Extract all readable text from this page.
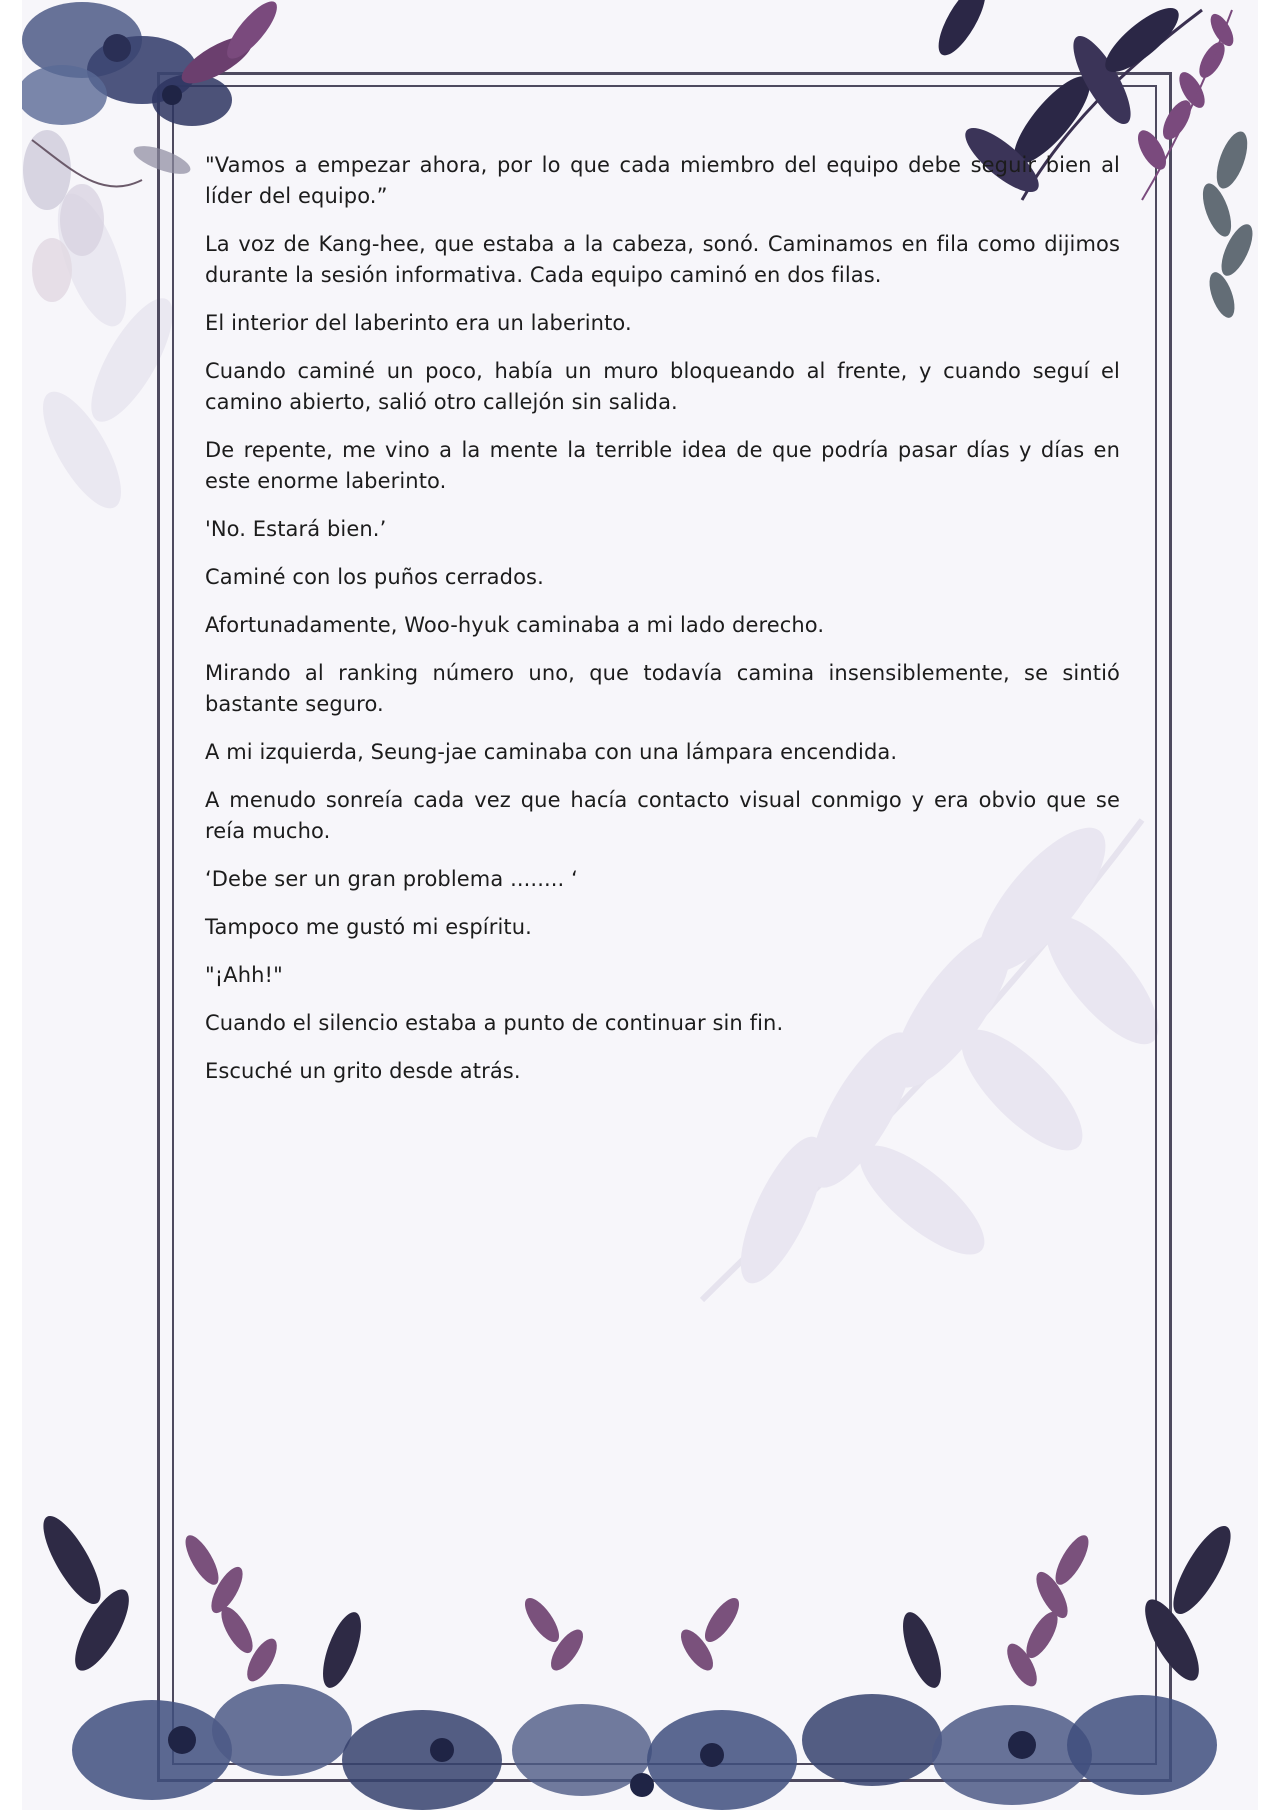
"Vamos a empezar ahora, por lo que cada miembro del equipo debe seguir bien al líder del equipo.”

La voz de Kang-hee, que estaba a la cabeza, sonó. Caminamos en fila como dijimos durante la sesión informativa. Cada equipo caminó en dos filas.

El interior del laberinto era un laberinto.

Cuando caminé un poco, había un muro bloqueando al frente, y cuando seguí el camino abierto, salió otro callejón sin salida.

De repente, me vino a la mente la terrible idea de que podría pasar días y días en este enorme laberinto.

'No. Estará bien.’

Caminé con los puños cerrados.

Afortunadamente, Woo-hyuk caminaba a mi lado derecho.

Mirando al ranking número uno, que todavía camina insensiblemente, se sintió bastante seguro.

A mi izquierda, Seung-jae caminaba con una lámpara encendida.

A menudo sonreía cada vez que hacía contacto visual conmigo y era obvio que se reía mucho.

‘Debe ser un gran problema ........ ‘

Tampoco me gustó mi espíritu.

"¡Ahh!"

Cuando el silencio estaba a punto de continuar sin fin.

Escuché un grito desde atrás.
